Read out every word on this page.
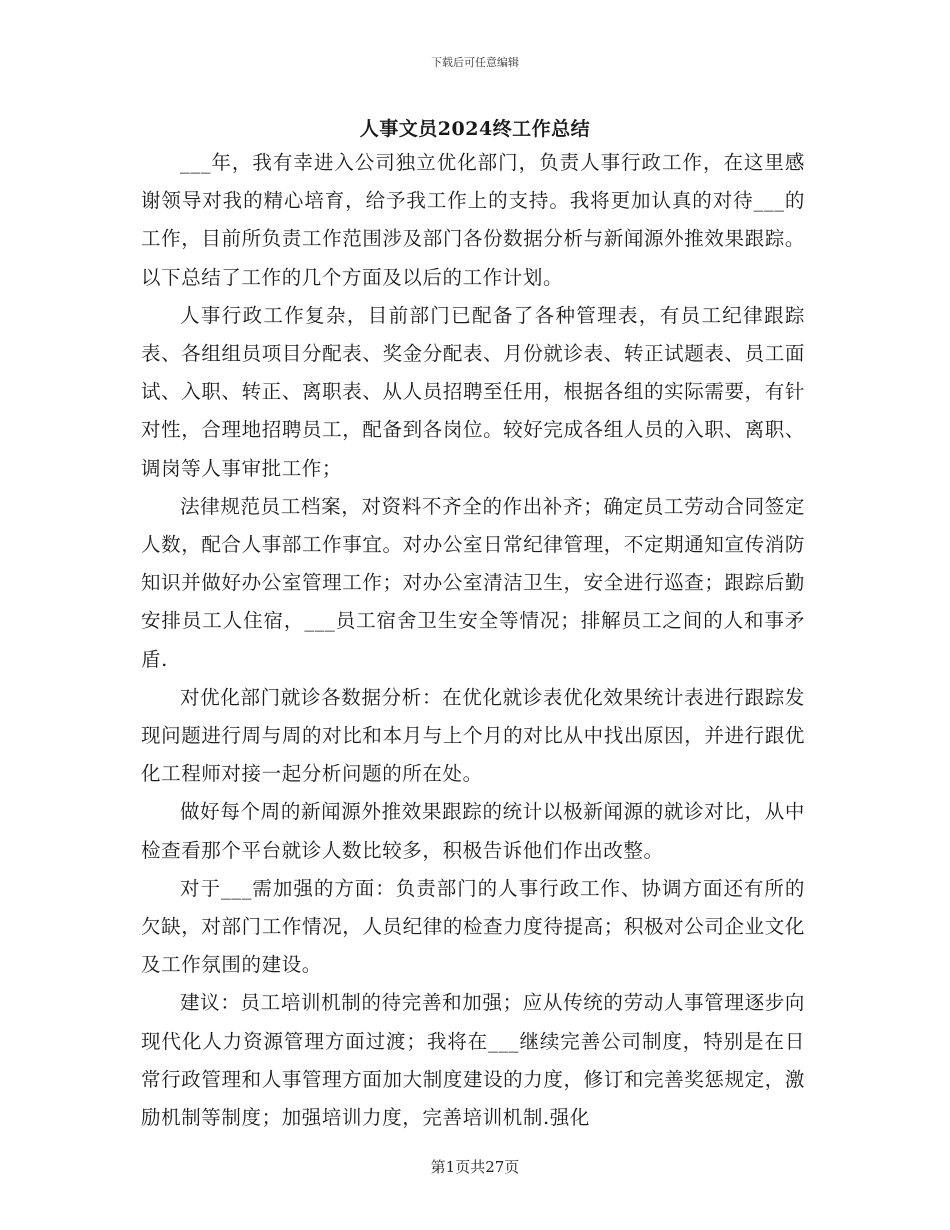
下载后可任意编辑
人事文员2024终工作总结

___年，我有幸进入公司独立优化部门，负责人事行政工作，在这里感谢领导对我的精心培育，给予我工作上的支持。我将更加认真的对待___的工作，目前所负责工作范围涉及部门各份数据分析与新闻源外推效果跟踪。以下总结了工作的几个方面及以后的工作计划。

人事行政工作复杂，目前部门已配备了各种管理表，有员工纪律跟踪表、各组组员项目分配表、奖金分配表、月份就诊表、转正试题表、员工面试、入职、转正、离职表、从人员招聘至任用，根据各组的实际需要，有针对性，合理地招聘员工，配备到各岗位。较好完成各组人员的入职、离职、调岗等人事审批工作；

法律规范员工档案，对资料不齐全的作出补齐；确定员工劳动合同签定人数，配合人事部工作事宜。对办公室日常纪律管理，不定期通知宣传消防知识并做好办公室管理工作；对办公室清洁卫生，安全进行巡查；跟踪后勤安排员工人住宿，___员工宿舍卫生安全等情况；排解员工之间的人和事矛盾.

对优化部门就诊各数据分析：在优化就诊表优化效果统计表进行跟踪发现问题进行周与周的对比和本月与上个月的对比从中找出原因，并进行跟优化工程师对接一起分析问题的所在处。

做好每个周的新闻源外推效果跟踪的统计以极新闻源的就诊对比，从中检查看那个平台就诊人数比较多，积极告诉他们作出改整。

对于___需加强的方面：负责部门的人事行政工作、协调方面还有所的欠缺，对部门工作情况，人员纪律的检查力度待提高；积极对公司企业文化及工作氛围的建设。

建议：员工培训机制的待完善和加强；应从传统的劳动人事管理逐步向现代化人力资源管理方面过渡；我将在___继续完善公司制度，特别是在日常行政管理和人事管理方面加大制度建设的力度，修订和完善奖惩规定，激励机制等制度；加强培训力度，完善培训机制.强化

第1页共27页
